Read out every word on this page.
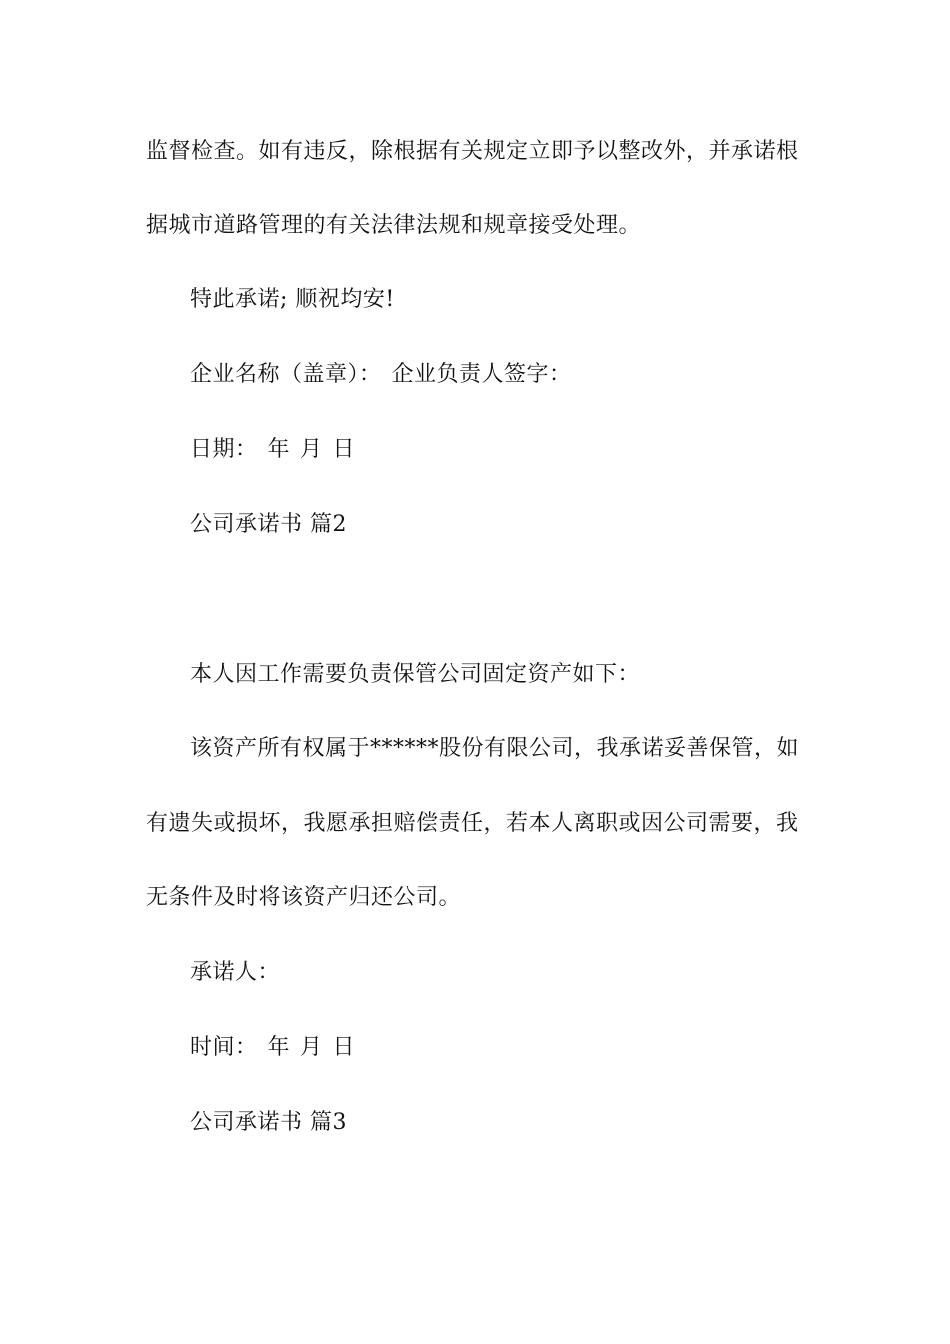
监督检查。如有违反，除根据有关规定立即予以整改外，并承诺根
据城市道路管理的有关法律法规和规章接受处理。
特此承诺; 顺祝均安!
企业名称（盖章）： 企业负责人签字：
日期： 年 月 日
公司承诺书 篇2
本人因工作需要负责保管公司固定资产如下：
该资产所有权属于******股份有限公司，我承诺妥善保管，如
有遗失或损坏，我愿承担赔偿责任，若本人离职或因公司需要，我
无条件及时将该资产归还公司。
承诺人：
时间： 年 月 日
公司承诺书 篇3
